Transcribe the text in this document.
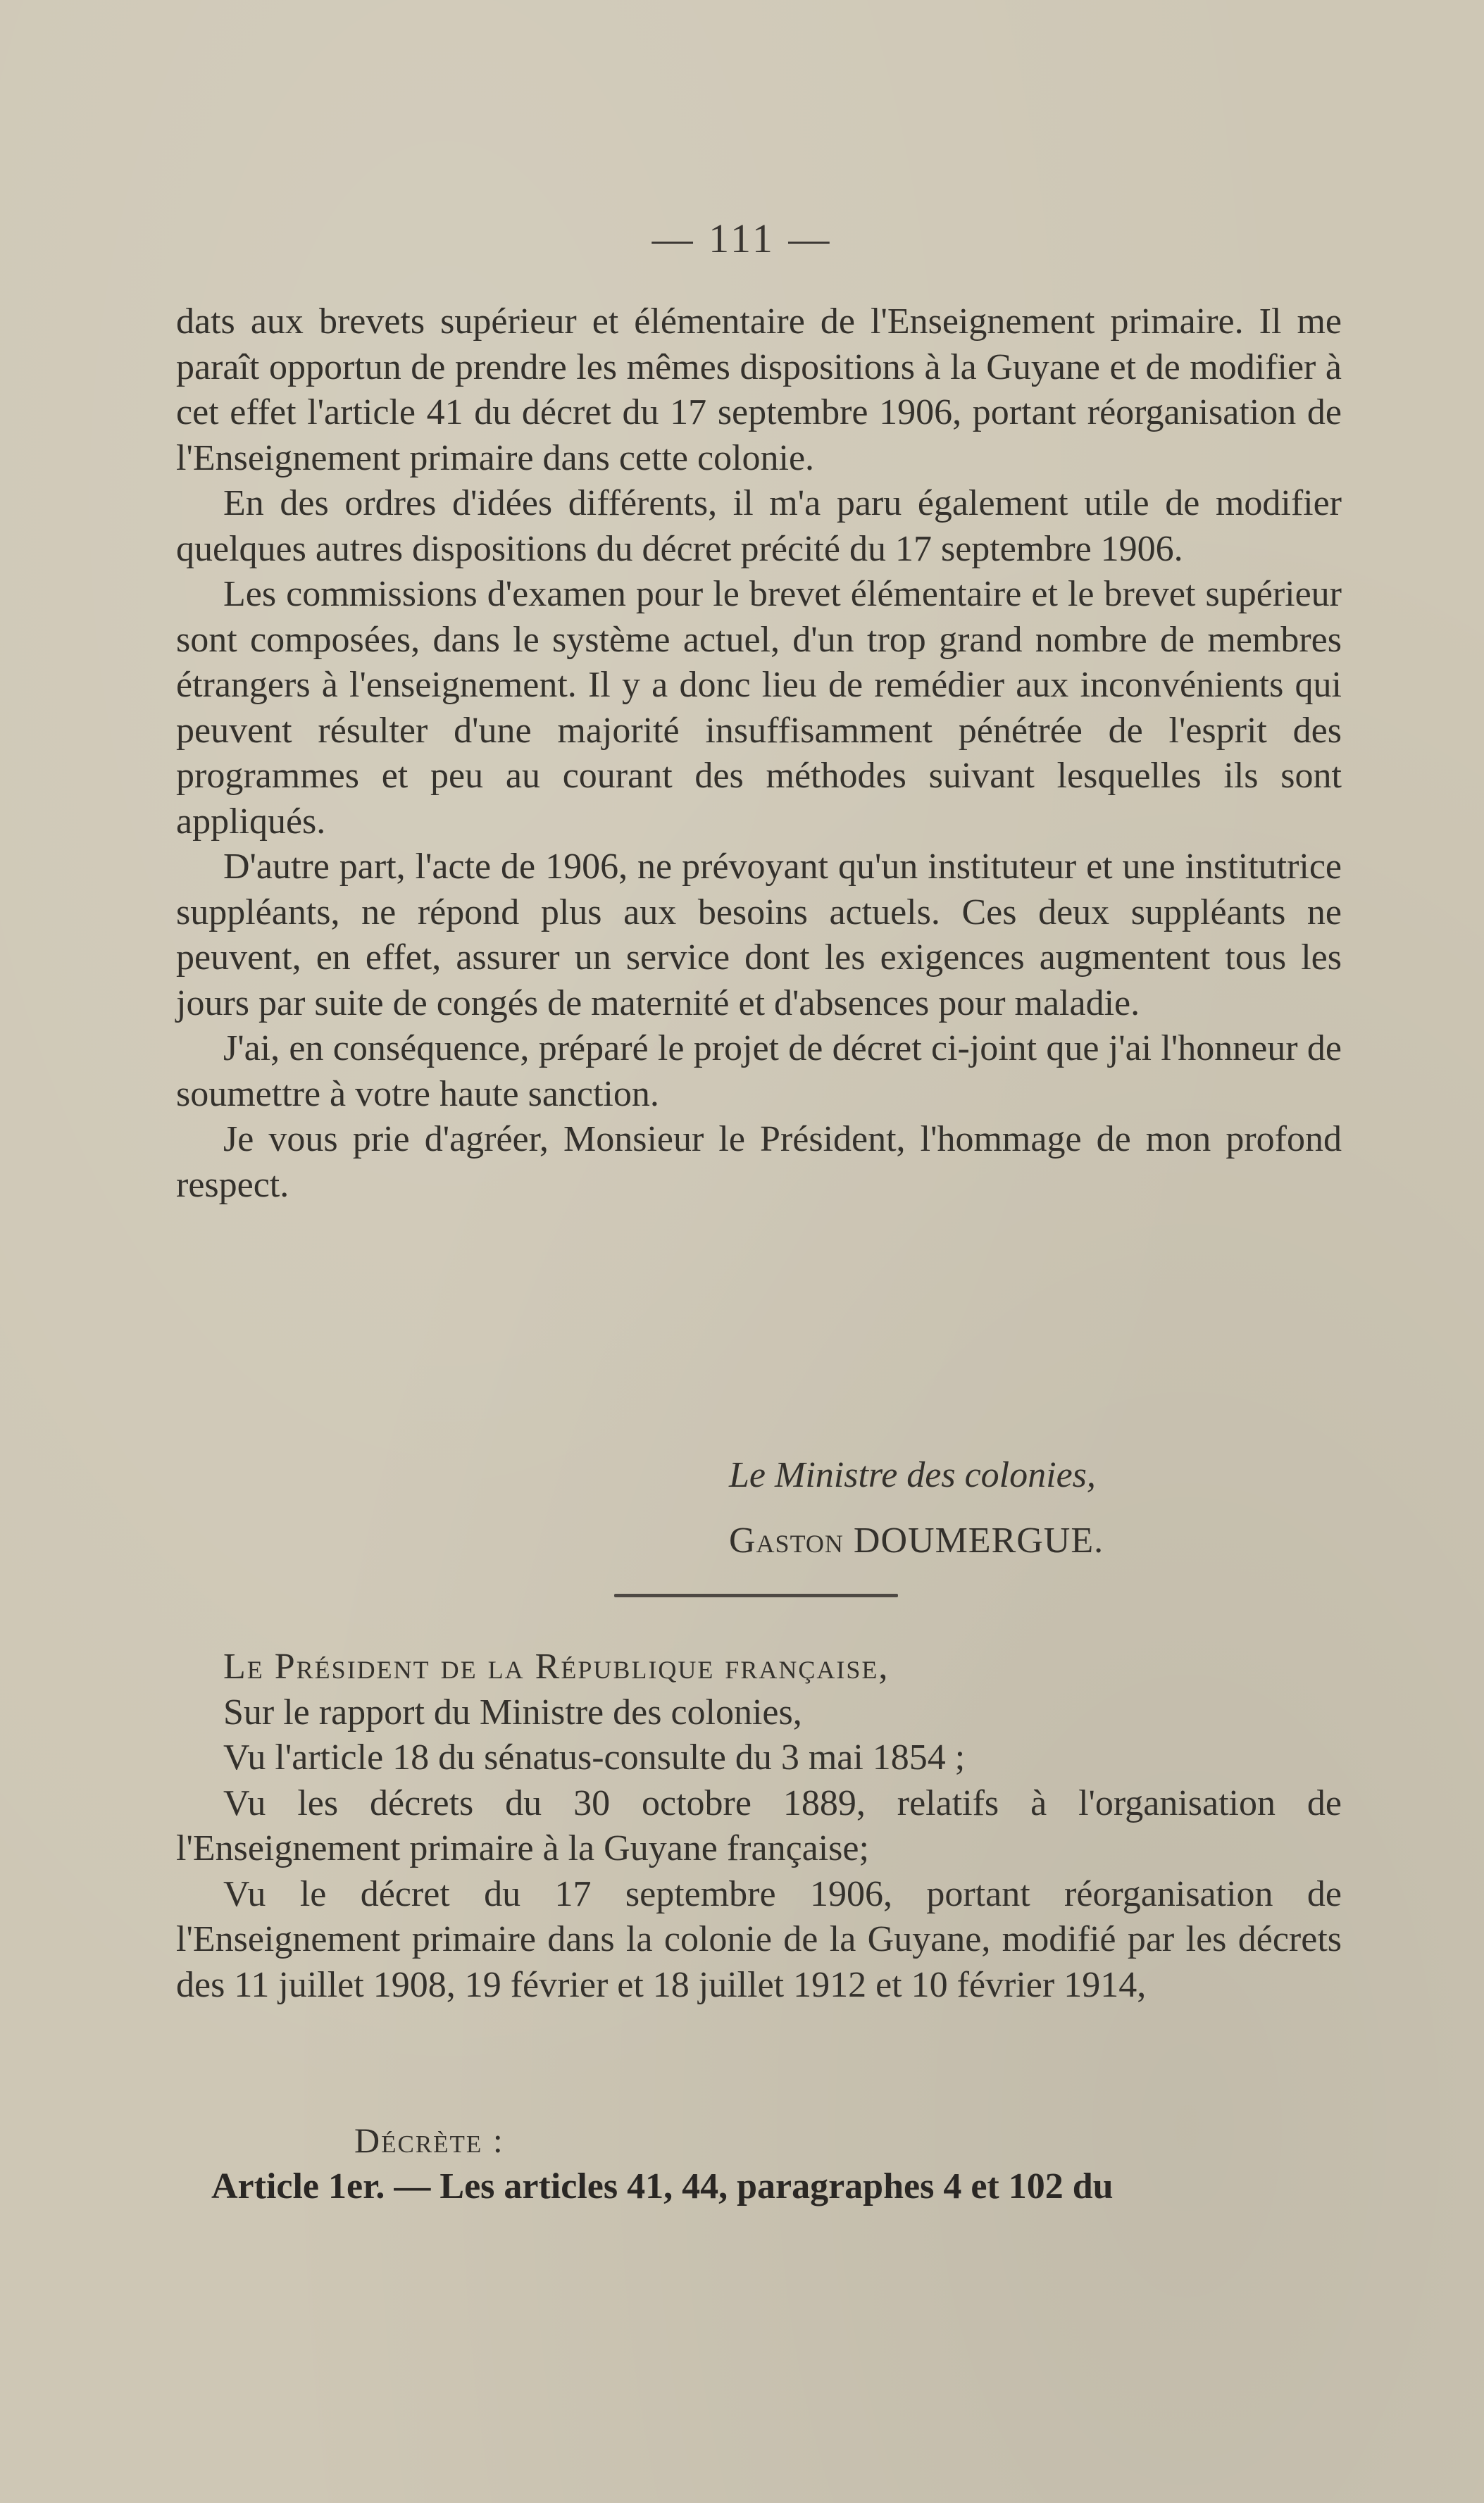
— 111 —

dats aux brevets supérieur et élémentaire de l'Enseignement primaire. Il me paraît opportun de prendre les mêmes dispositions à la Guyane et de modifier à cet effet l'article 41 du décret du 17 septembre 1906, portant réorganisation de l'Enseignement primaire dans cette colonie.

En des ordres d'idées différents, il m'a paru également utile de modifier quelques autres dispositions du décret précité du 17 septembre 1906.

Les commissions d'examen pour le brevet élémentaire et le brevet supérieur sont composées, dans le système actuel, d'un trop grand nombre de membres étrangers à l'enseignement. Il y a donc lieu de remédier aux inconvénients qui peuvent résulter d'une majorité insuffisamment pénétrée de l'esprit des programmes et peu au courant des méthodes suivant lesquelles ils sont appliqués.

D'autre part, l'acte de 1906, ne prévoyant qu'un instituteur et une institutrice suppléants, ne répond plus aux besoins actuels. Ces deux suppléants ne peuvent, en effet, assurer un service dont les exigences augmentent tous les jours par suite de congés de maternité et d'absences pour maladie.

J'ai, en conséquence, préparé le projet de décret ci-joint que j'ai l'honneur de soumettre à votre haute sanction.

Je vous prie d'agréer, Monsieur le Président, l'hommage de mon profond respect.

Le Ministre des colonies,
Gaston DOUMERGUE.

Le Président de la République française,

Sur le rapport du Ministre des colonies,

Vu l'article 18 du sénatus-consulte du 3 mai 1854 ;

Vu les décrets du 30 octobre 1889, relatifs à l'organisation de l'Enseignement primaire à la Guyane française;

Vu le décret du 17 septembre 1906, portant réorganisation de l'Enseignement primaire dans la colonie de la Guyane, modifié par les décrets des 11 juillet 1908, 19 février et 18 juillet 1912 et 10 février 1914,

Décrète :
Article 1er. — Les articles 41, 44, paragraphes 4 et 102 du
